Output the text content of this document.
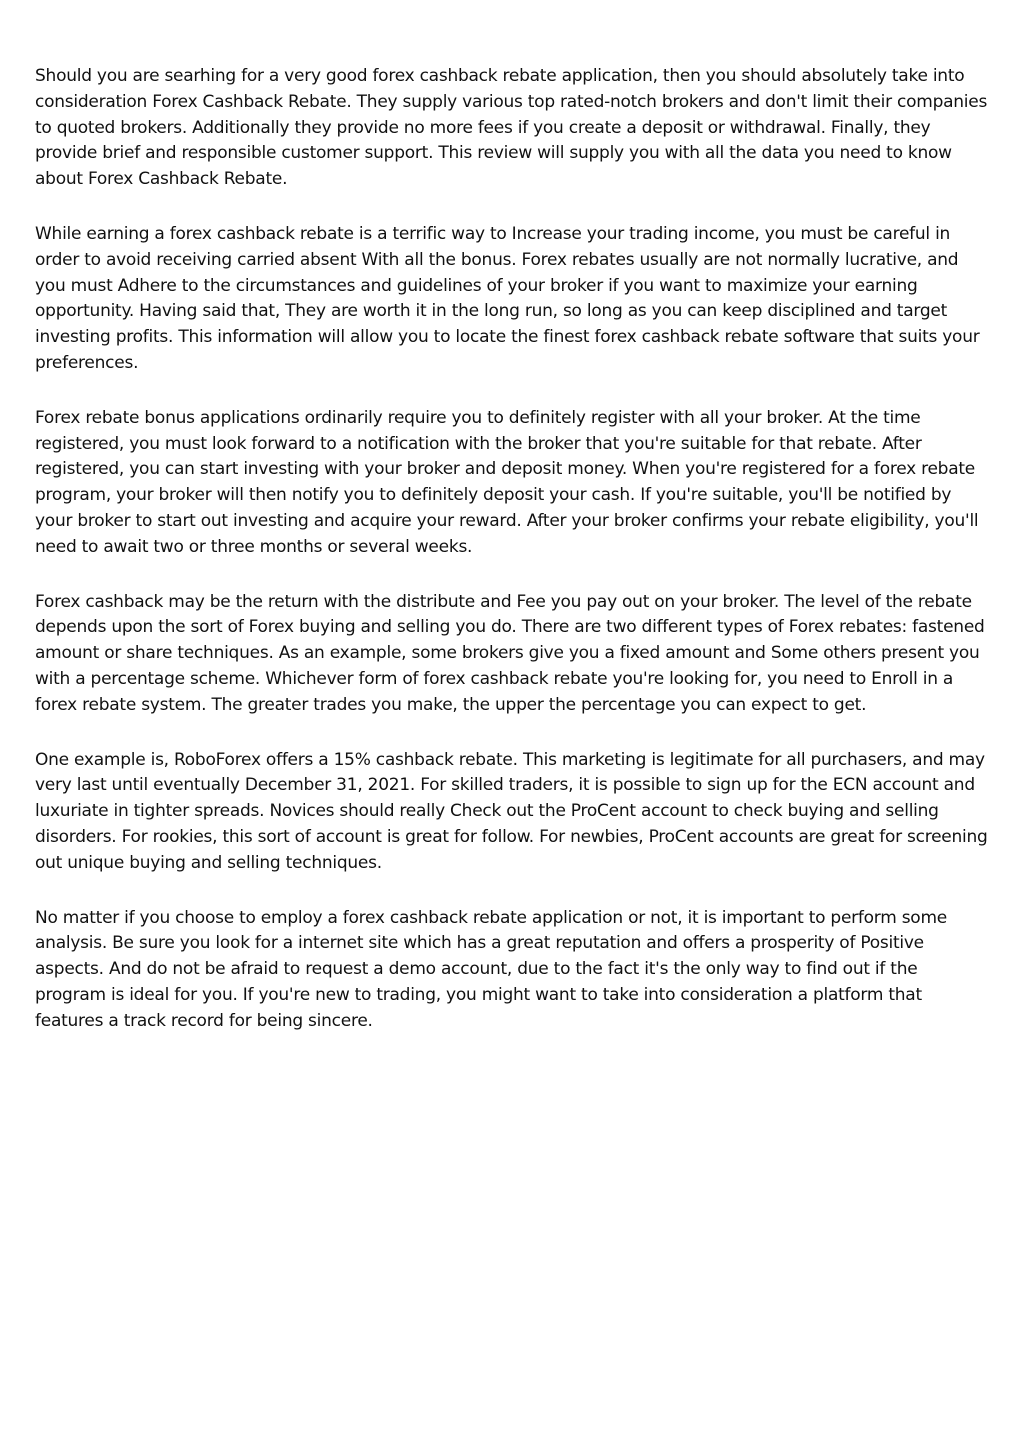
Should you are searhing for a very good forex cashback rebate application, then you should absolutely take into consideration Forex Cashback Rebate. They supply various top rated-notch brokers and don't limit their companies to quoted brokers. Additionally they provide no more fees if you create a deposit or withdrawal. Finally, they provide brief and responsible customer support. This review will supply you with all the data you need to know about Forex Cashback Rebate.

While earning a forex cashback rebate is a terrific way to Increase your trading income, you must be careful in order to avoid receiving carried absent With all the bonus. Forex rebates usually are not normally lucrative, and you must Adhere to the circumstances and guidelines of your broker if you want to maximize your earning opportunity. Having said that, They are worth it in the long run, so long as you can keep disciplined and target investing profits. This information will allow you to locate the finest forex cashback rebate software that suits your preferences.

Forex rebate bonus applications ordinarily require you to definitely register with all your broker. At the time registered, you must look forward to a notification with the broker that you're suitable for that rebate. After registered, you can start investing with your broker and deposit money. When you're registered for a forex rebate program, your broker will then notify you to definitely deposit your cash. If you're suitable, you'll be notified by your broker to start out investing and acquire your reward. After your broker confirms your rebate eligibility, you'll need to await two or three months or several weeks.

Forex cashback may be the return with the distribute and Fee you pay out on your broker. The level of the rebate depends upon the sort of Forex buying and selling you do. There are two different types of Forex rebates: fastened amount or share techniques. As an example, some brokers give you a fixed amount and Some others present you with a percentage scheme. Whichever form of forex cashback rebate you're looking for, you need to Enroll in a forex rebate system. The greater trades you make, the upper the percentage you can expect to get.

One example is, RoboForex offers a 15% cashback rebate. This marketing is legitimate for all purchasers, and may very last until eventually December 31, 2021. For skilled traders, it is possible to sign up for the ECN account and luxuriate in tighter spreads. Novices should really Check out the ProCent account to check buying and selling disorders. For rookies, this sort of account is great for follow. For newbies, ProCent accounts are great for screening out unique buying and selling techniques.

No matter if you choose to employ a forex cashback rebate application or not, it is important to perform some analysis. Be sure you look for a internet site which has a great reputation and offers a prosperity of Positive aspects. And do not be afraid to request a demo account, due to the fact it's the only way to find out if the program is ideal for you. If you're new to trading, you might want to take into consideration a platform that features a track record for being sincere.
